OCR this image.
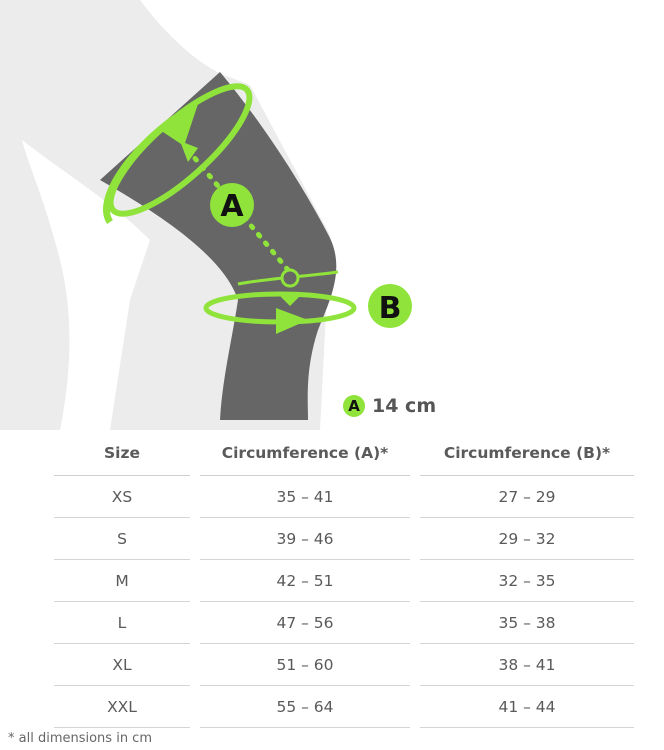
A
B
A 14 cm
Size		Circumference (A)*		Circumference (B)*
XS		35 – 41		27 – 29
S		39 – 46		29 – 32
M		42 – 51		32 – 35
L		47 – 56		35 – 38
XL		51 – 60		38 – 41
XXL		55 – 64		41 – 44
* all dimensions in cm
